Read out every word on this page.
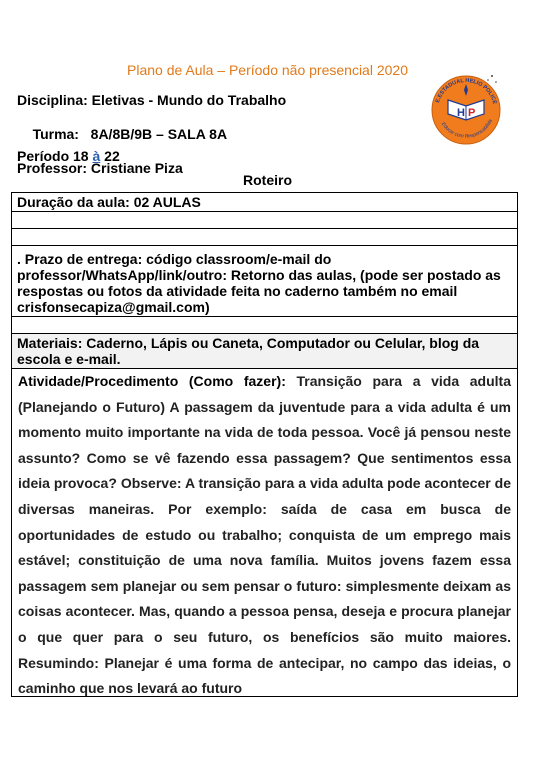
Plano de Aula – Período não presencial 2020
Disciplina: Eletivas - Mundo do Trabalho

Turma:   8A/8B/9B – SALA 8A

Professor: Cristiane Piza
Período 18 à 22
H P
E.ESTADUAL HELIO POLICE
Educar com Responsabilida
Roteiro
Duração da aula: 02 AULAS
. Prazo de entrega: código classroom/e-mail do professor/WhatsApp/link/outro: Retorno das aulas, (pode ser postado as respostas ou fotos da atividade feita no caderno também no email crisfonsecapiza@gmail.com)
Materiais: Caderno, Lápis ou Caneta, Computador ou Celular, blog da escola e e-mail.
Atividade/Procedimento (Como fazer): Transição para a vida adulta (Planejando o Futuro) A passagem da juventude para a vida adulta é um momento muito importante na vida de toda pessoa. Você já pensou neste assunto? Como se vê fazendo essa passagem? Que sentimentos essa ideia provoca? Observe: A transição para a vida adulta pode acontecer de diversas maneiras. Por exemplo: saída de casa em busca de oportunidades de estudo ou trabalho; conquista de um emprego mais estável; constituição de uma nova família. Muitos jovens fazem essa passagem sem planejar ou sem pensar o futuro: simplesmente deixam as coisas acontecer. Mas, quando a pessoa pensa, deseja e procura planejar o que quer para o seu futuro, os benefícios são muito maiores. Resumindo: Planejar é uma forma de antecipar, no campo das ideias, o caminho que nos levará ao futuro
